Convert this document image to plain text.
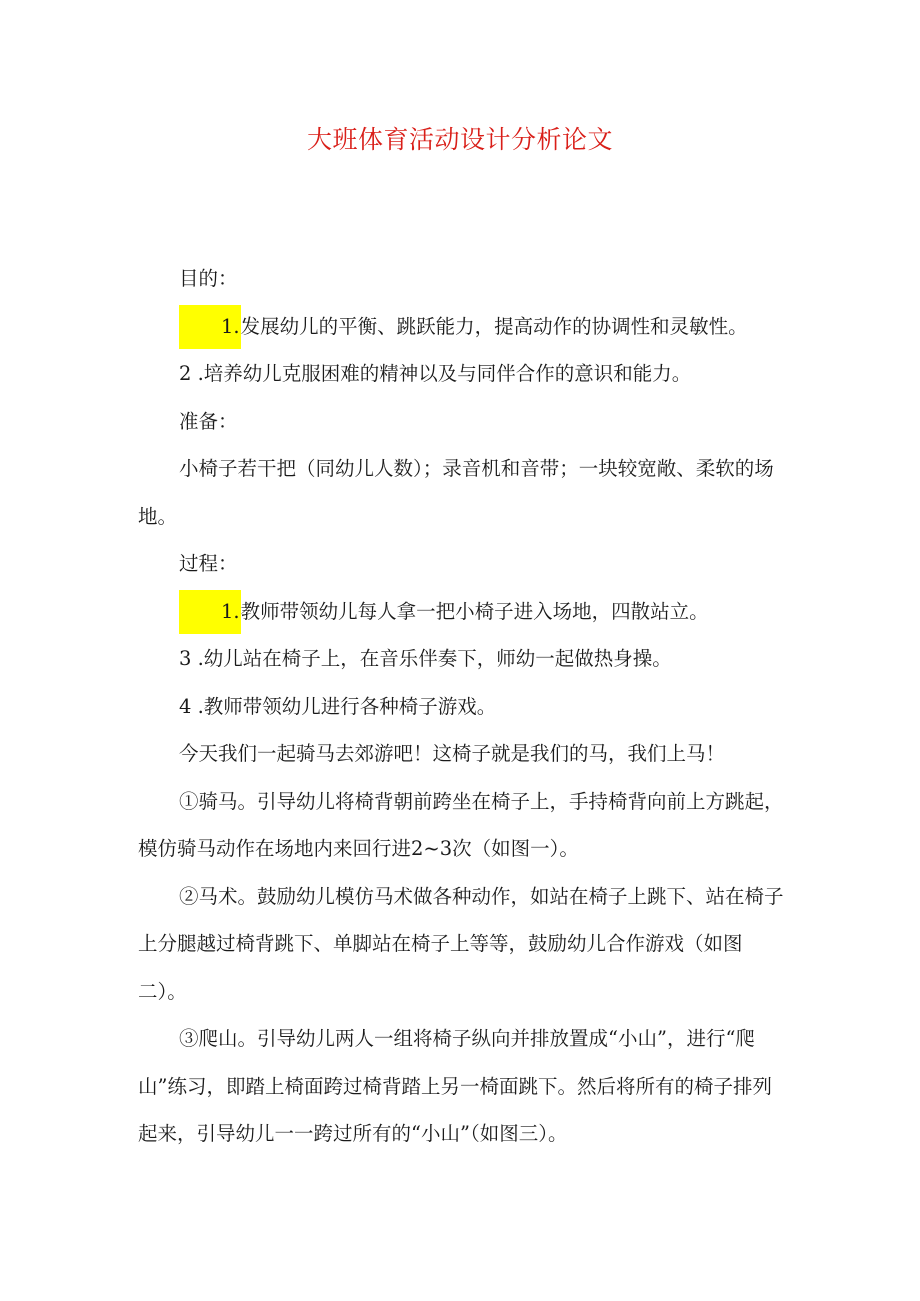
大班体育活动设计分析论文

目的：

1.发展幼儿的平衡、跳跃能力，提高动作的协调性和灵敏性。

2 .培养幼儿克服困难的精神以及与同伴合作的意识和能力。

准备：

小椅子若干把（同幼儿人数）；录音机和音带；一块较宽敞、柔软的场地。

过程：

1.教师带领幼儿每人拿一把小椅子进入场地，四散站立。

3 .幼儿站在椅子上，在音乐伴奏下，师幼一起做热身操。

4 .教师带领幼儿进行各种椅子游戏。

今天我们一起骑马去郊游吧！这椅子就是我们的马，我们上马！

①骑马。引导幼儿将椅背朝前跨坐在椅子上，手持椅背向前上方跳起，模仿骑马动作在场地内来回行进2~3次（如图一）。

②马术。鼓励幼儿模仿马术做各种动作，如站在椅子上跳下、站在椅子上分腿越过椅背跳下、单脚站在椅子上等等，鼓励幼儿合作游戏（如图二）。

③爬山。引导幼儿两人一组将椅子纵向并排放置成“小山”，进行“爬山”练习，即踏上椅面跨过椅背踏上另一椅面跳下。然后将所有的椅子排列起来，引导幼儿一一跨过所有的“小山”（如图三）。
